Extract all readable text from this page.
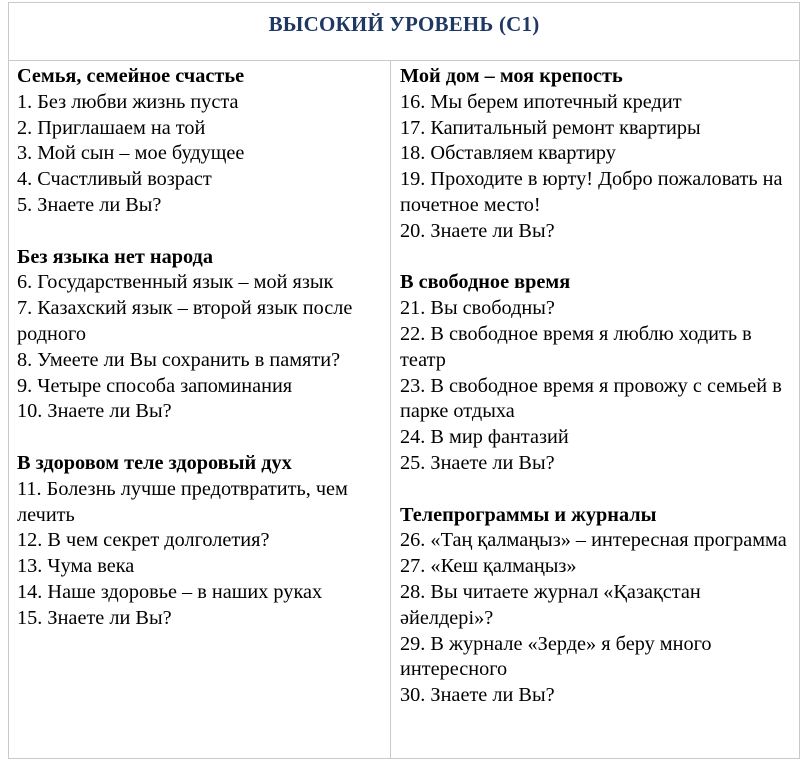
ВЫСОКИЙ УРОВЕНЬ (С1)
Семья, семейное счастье
1. Без любви жизнь пуста
2. Приглашаем на той
3. Мой сын – мое будущее
4. Счастливый возраст
5. Знаете ли Вы?
Без языка нет народа
6. Государственный язык – мой язык
7. Казахский язык – второй язык после родного
8. Умеете ли Вы сохранить в памяти?
9. Четыре способа запоминания
10. Знаете ли Вы?
В здоровом теле здоровый дух
11. Болезнь лучше предотвратить, чем лечить
12. В чем секрет долголетия?
13. Чума века
14. Наше здоровье – в наших руках
15. Знаете ли Вы?
Мой дом – моя крепость
16. Мы берем ипотечный кредит
17. Капитальный ремонт квартиры
18. Обставляем квартиру
19. Проходите в юрту! Добро пожаловать на почетное место!
20. Знаете ли Вы?
В свободное время
21. Вы свободны?
22. В свободное время я люблю ходить в театр
23. В свободное время я провожу с семьей в парке отдыха
24. В мир фантазий
25. Знаете ли Вы?
Телепрограммы и журналы
26. «Таң қалмаңыз» – интересная программа
27. «Кеш қалмаңыз»
28. Вы читаете журнал «Қазақстан әйелдері»?
29. В журнале «Зерде» я беру много интересного
30. Знаете ли Вы?
